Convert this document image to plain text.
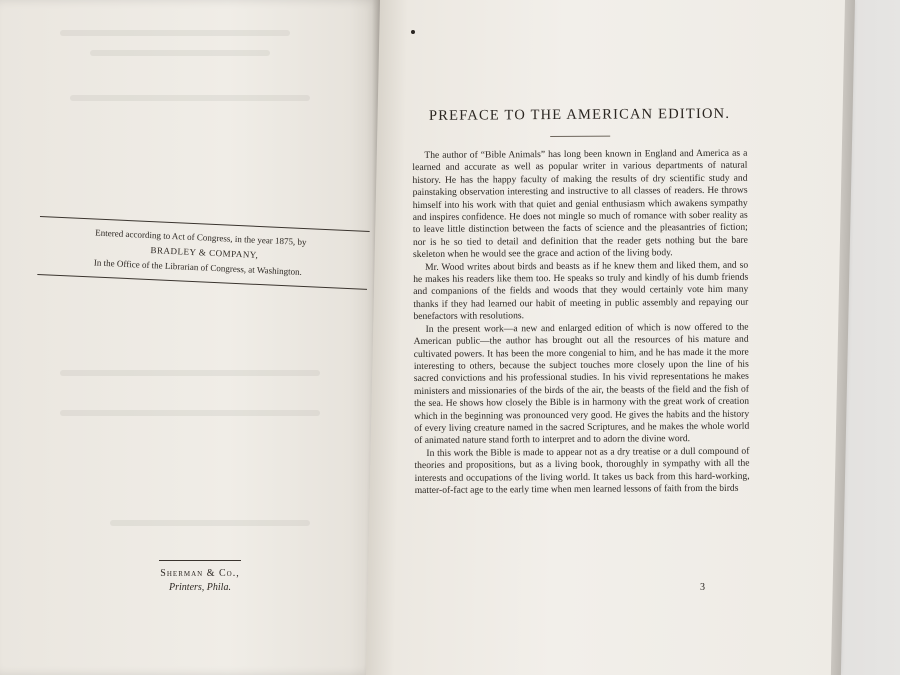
Entered according to Act of Congress, in the year 1875, by
BRADLEY & COMPANY,
In the Office of the Librarian of Congress, at Washington.
Sherman & Co.,
Printers, Phila.
PREFACE TO THE AMERICAN EDITION.

The author of “Bible Animals” has long been known in England and America as a learned and accurate as well as popular writer in various departments of natural history. He has the happy faculty of making the results of dry scientific study and painstaking observation interesting and instructive to all classes of readers. He throws himself into his work with that quiet and genial enthusiasm which awakens sympathy and inspires confidence. He does not mingle so much of romance with sober reality as to leave little distinction between the facts of science and the pleasantries of fiction; nor is he so tied to detail and definition that the reader gets nothing but the bare skeleton when he would see the grace and action of the living body.

Mr. Wood writes about birds and beasts as if he knew them and liked them, and so he makes his readers like them too. He speaks so truly and kindly of his dumb friends and companions of the fields and woods that they would certainly vote him many thanks if they had learned our habit of meeting in public assembly and repaying our benefactors with resolutions.

In the present work—a new and enlarged edition of which is now offered to the American public—the author has brought out all the resources of his mature and cultivated powers. It has been the more congenial to him, and he has made it the more interesting to others, because the subject touches more closely upon the line of his sacred convictions and his professional studies. In his vivid representations he makes ministers and missionaries of the birds of the air, the beasts of the field and the fish of the sea. He shows how closely the Bible is in harmony with the great work of creation which in the beginning was pronounced very good. He gives the habits and the history of every living creature named in the sacred Scriptures, and he makes the whole world of animated nature stand forth to interpret and to adorn the divine word.

In this work the Bible is made to appear not as a dry treatise or a dull compound of theories and propositions, but as a living book, thoroughly in sympathy with all the interests and occupations of the living world. It takes us back from this hard-working, matter-of-fact age to the early time when men learned lessons of faith from the birds

3
